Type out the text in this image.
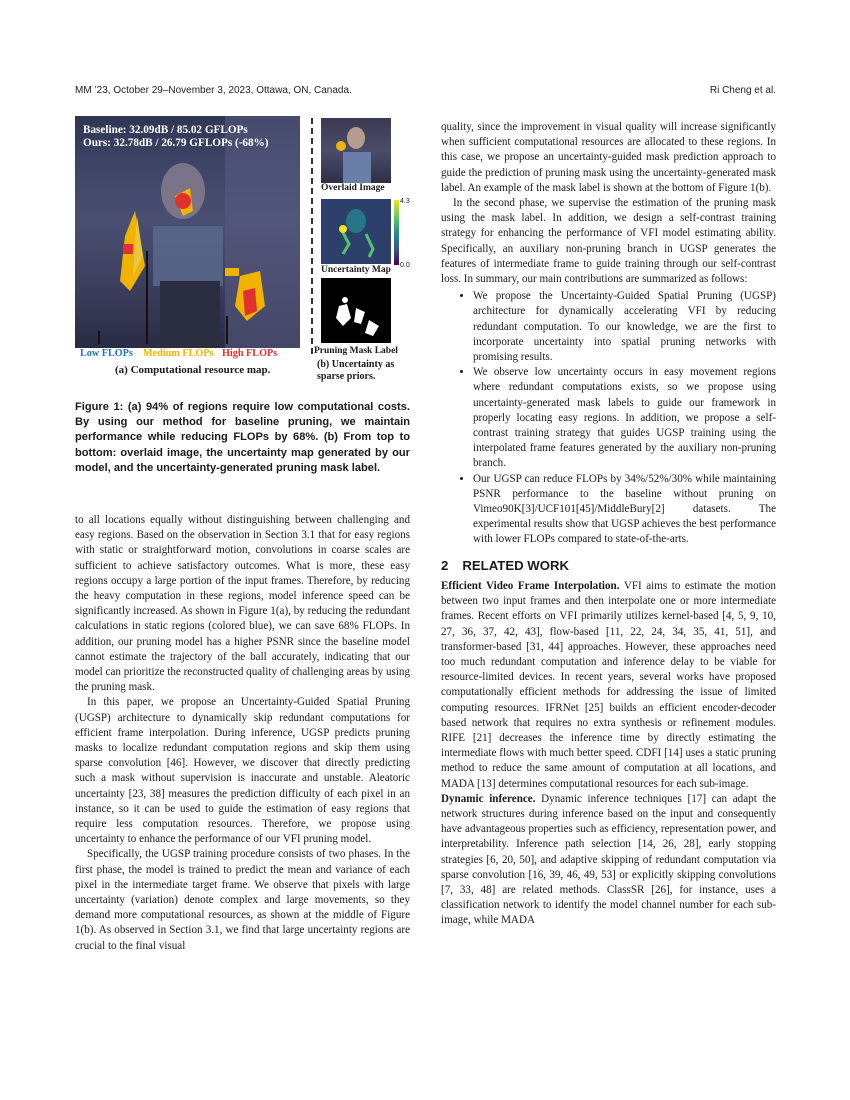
MM ’23, October 29–November 3, 2023, Ottawa, ON, Canada.	Ri Cheng et al.
Baseline: 32.09dB / 85.02 GFLOPs
Ours: 32.78dB / 26.79 GFLOPs (-68%)
Low FLOPs Medium FLOPs High FLOPs
(a) Computational resource map.
Overlaid Image
4.3
0.0
Uncertainty Map
Pruning Mask Label
(b) Uncertainty as
sparse priors.
Figure 1: (a) 94% of regions require low computational costs. By using our method for baseline pruning, we maintain performance while reducing FLOPs by 68%. (b) From top to bottom: overlaid image, the uncertainty map generated by our model, and the uncertainty-generated pruning mask label.

to all locations equally without distinguishing between challenging and easy regions. Based on the observation in Section 3.1 that for easy regions with static or straightforward motion, convolutions in coarse scales are sufficient to achieve satisfactory outcomes. What is more, these easy regions occupy a large portion of the input frames. Therefore, by reducing the heavy computation in these regions, model inference speed can be significantly increased. As shown in Figure 1(a), by reducing the redundant calculations in static regions (colored blue), we can save 68% FLOPs. In addition, our pruning model has a higher PSNR since the baseline model cannot estimate the trajectory of the ball accurately, indicating that our model can prioritize the reconstructed quality of challenging areas by using the pruning mask.

In this paper, we propose an Uncertainty-Guided Spatial Pruning (UGSP) architecture to dynamically skip redundant computations for efficient frame interpolation. During inference, UGSP predicts pruning masks to localize redundant computation regions and skip them using sparse convolution [46]. However, we discover that directly predicting such a mask without supervision is inaccurate and unstable. Aleatoric uncertainty [23, 38] measures the prediction difficulty of each pixel in an instance, so it can be used to guide the estimation of easy regions that require less computation resources. Therefore, we propose using uncertainty to enhance the performance of our VFI pruning model.

Specifically, the UGSP training procedure consists of two phases. In the first phase, the model is trained to predict the mean and variance of each pixel in the intermediate target frame. We observe that pixels with large uncertainty (variation) denote complex and large movements, so they demand more computational resources, as shown at the middle of Figure 1(b). As observed in Section 3.1, we find that large uncertainty regions are crucial to the final visual

quality, since the improvement in visual quality will increase significantly when sufficient computational resources are allocated to these regions. In this case, we propose an uncertainty-guided mask prediction approach to guide the prediction of pruning mask using the uncertainty-generated mask label. An example of the mask label is shown at the bottom of Figure 1(b).

In the second phase, we supervise the estimation of the pruning mask using the mask label. In addition, we design a self-contrast training strategy for enhancing the performance of VFI model estimating ability. Specifically, an auxiliary non-pruning branch in UGSP generates the features of intermediate frame to guide training through our self-contrast loss. In summary, our main contributions are summarized as follows:

• We propose the Uncertainty-Guided Spatial Pruning (UGSP) architecture for dynamically accelerating VFI by reducing redundant computation. To our knowledge, we are the first to incorporate uncertainty into spatial pruning networks with promising results.
• We observe low uncertainty occurs in easy movement regions where redundant computations exists, so we propose using uncertainty-generated mask labels to guide our framework in properly locating easy regions. In addition, we propose a self-contrast training strategy that guides UGSP training using the interpolated frame features generated by the auxiliary non-pruning branch.
• Our UGSP can reduce FLOPs by 34%/52%/30% while maintaining PSNR performance to the baseline without pruning on Vimeo90K[3]/UCF101[45]/MiddleBury[2] datasets. The experimental results show that UGSP achieves the best performance with lower FLOPs compared to state-of-the-arts.
2 RELATED WORK

Efficient Video Frame Interpolation. VFI aims to estimate the motion between two input frames and then interpolate one or more intermediate frames. Recent efforts on VFI primarily utilizes kernel-based [4, 5, 9, 10, 27, 36, 37, 42, 43], flow-based [11, 22, 24, 34, 35, 41, 51], and transformer-based [31, 44] approaches. However, these approaches need too much redundant computation and inference delay to be viable for resource-limited devices. In recent years, several works have proposed computationally efficient methods for addressing the issue of limited computing resources. IFRNet [25] builds an efficient encoder-decoder based network that requires no extra synthesis or refinement modules. RIFE [21] decreases the inference time by directly estimating the intermediate flows with much better speed. CDFI [14] uses a static pruning method to reduce the same amount of computation at all locations, and MADA [13] determines computational resources for each sub-image.

Dynamic inference. Dynamic inference techniques [17] can adapt the network structures during inference based on the input and consequently have advantageous properties such as efficiency, representation power, and interpretability. Inference path selection [14, 26, 28], early stopping strategies [6, 20, 50], and adaptive skipping of redundant computation via sparse convolution [16, 39, 46, 49, 53] or explicitly skipping convolutions [7, 33, 48] are related methods. ClassSR [26], for instance, uses a classification network to identify the model channel number for each sub-image, while MADA
